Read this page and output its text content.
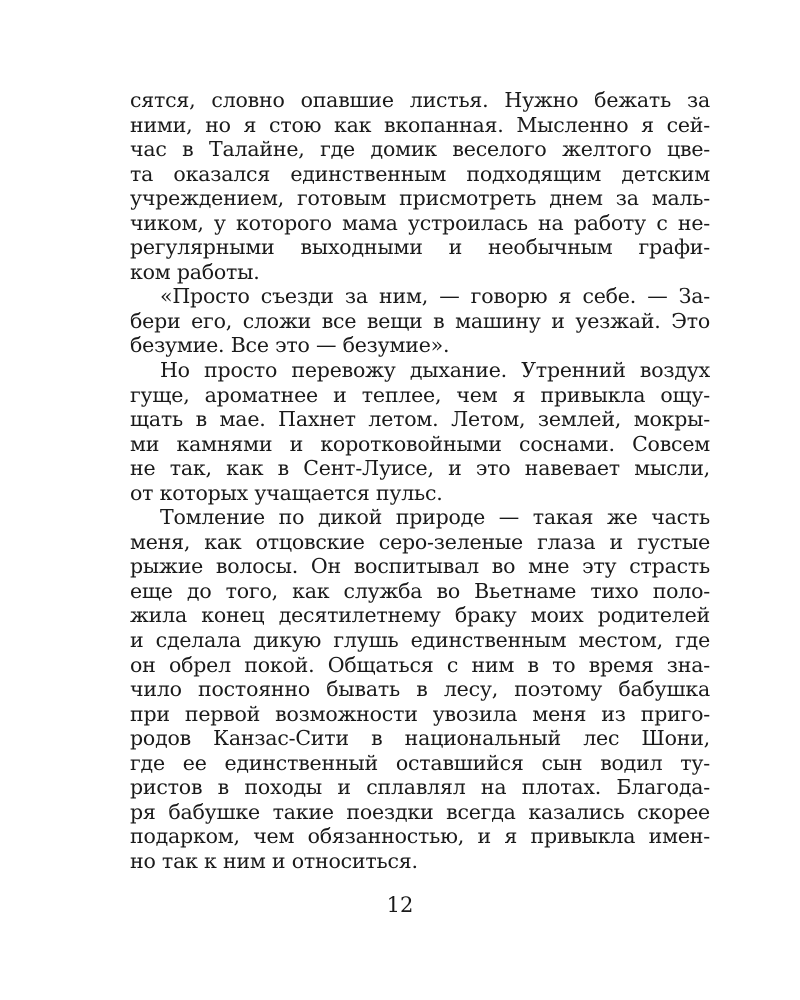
сятся, словно опавшие листья. Нужно бежать за
ними, но я стою как вкопанная. Мысленно я сей-
час в Талайне, где домик веселого желтого цве-
та оказался единственным подходящим детским
учреждением, готовым присмотреть днем за маль-
чиком, у которого мама устроилась на работу с не-
регулярными выходными и необычным графи-
ком работы.
«Просто съезди за ним, — говорю я себе. — За-
бери его, сложи все вещи в машину и уезжай. Это
безумие. Все это — безумие».
Но просто перевожу дыхание. Утренний воздух
гуще, ароматнее и теплее, чем я привыкла ощу-
щать в мае. Пахнет летом. Летом, землей, мокры-
ми камнями и коротковойными соснами. Совсем
не так, как в Сент-Луисе, и это навевает мысли,
от которых учащается пульс.
Томление по дикой природе — такая же часть
меня, как отцовские серо-зеленые глаза и густые
рыжие волосы. Он воспитывал во мне эту страсть
еще до того, как служба во Вьетнаме тихо поло-
жила конец десятилетнему браку моих родителей
и сделала дикую глушь единственным местом, где
он обрел покой. Общаться с ним в то время зна-
чило постоянно бывать в лесу, поэтому бабушка
при первой возможности увозила меня из приго-
родов Канзас-Сити в национальный лес Шони,
где ее единственный оставшийся сын водил ту-
ристов в походы и сплавлял на плотах. Благода-
ря бабушке такие поездки всегда казались скорее
подарком, чем обязанностью, и я привыкла имен-
но так к ним и относиться.
12
